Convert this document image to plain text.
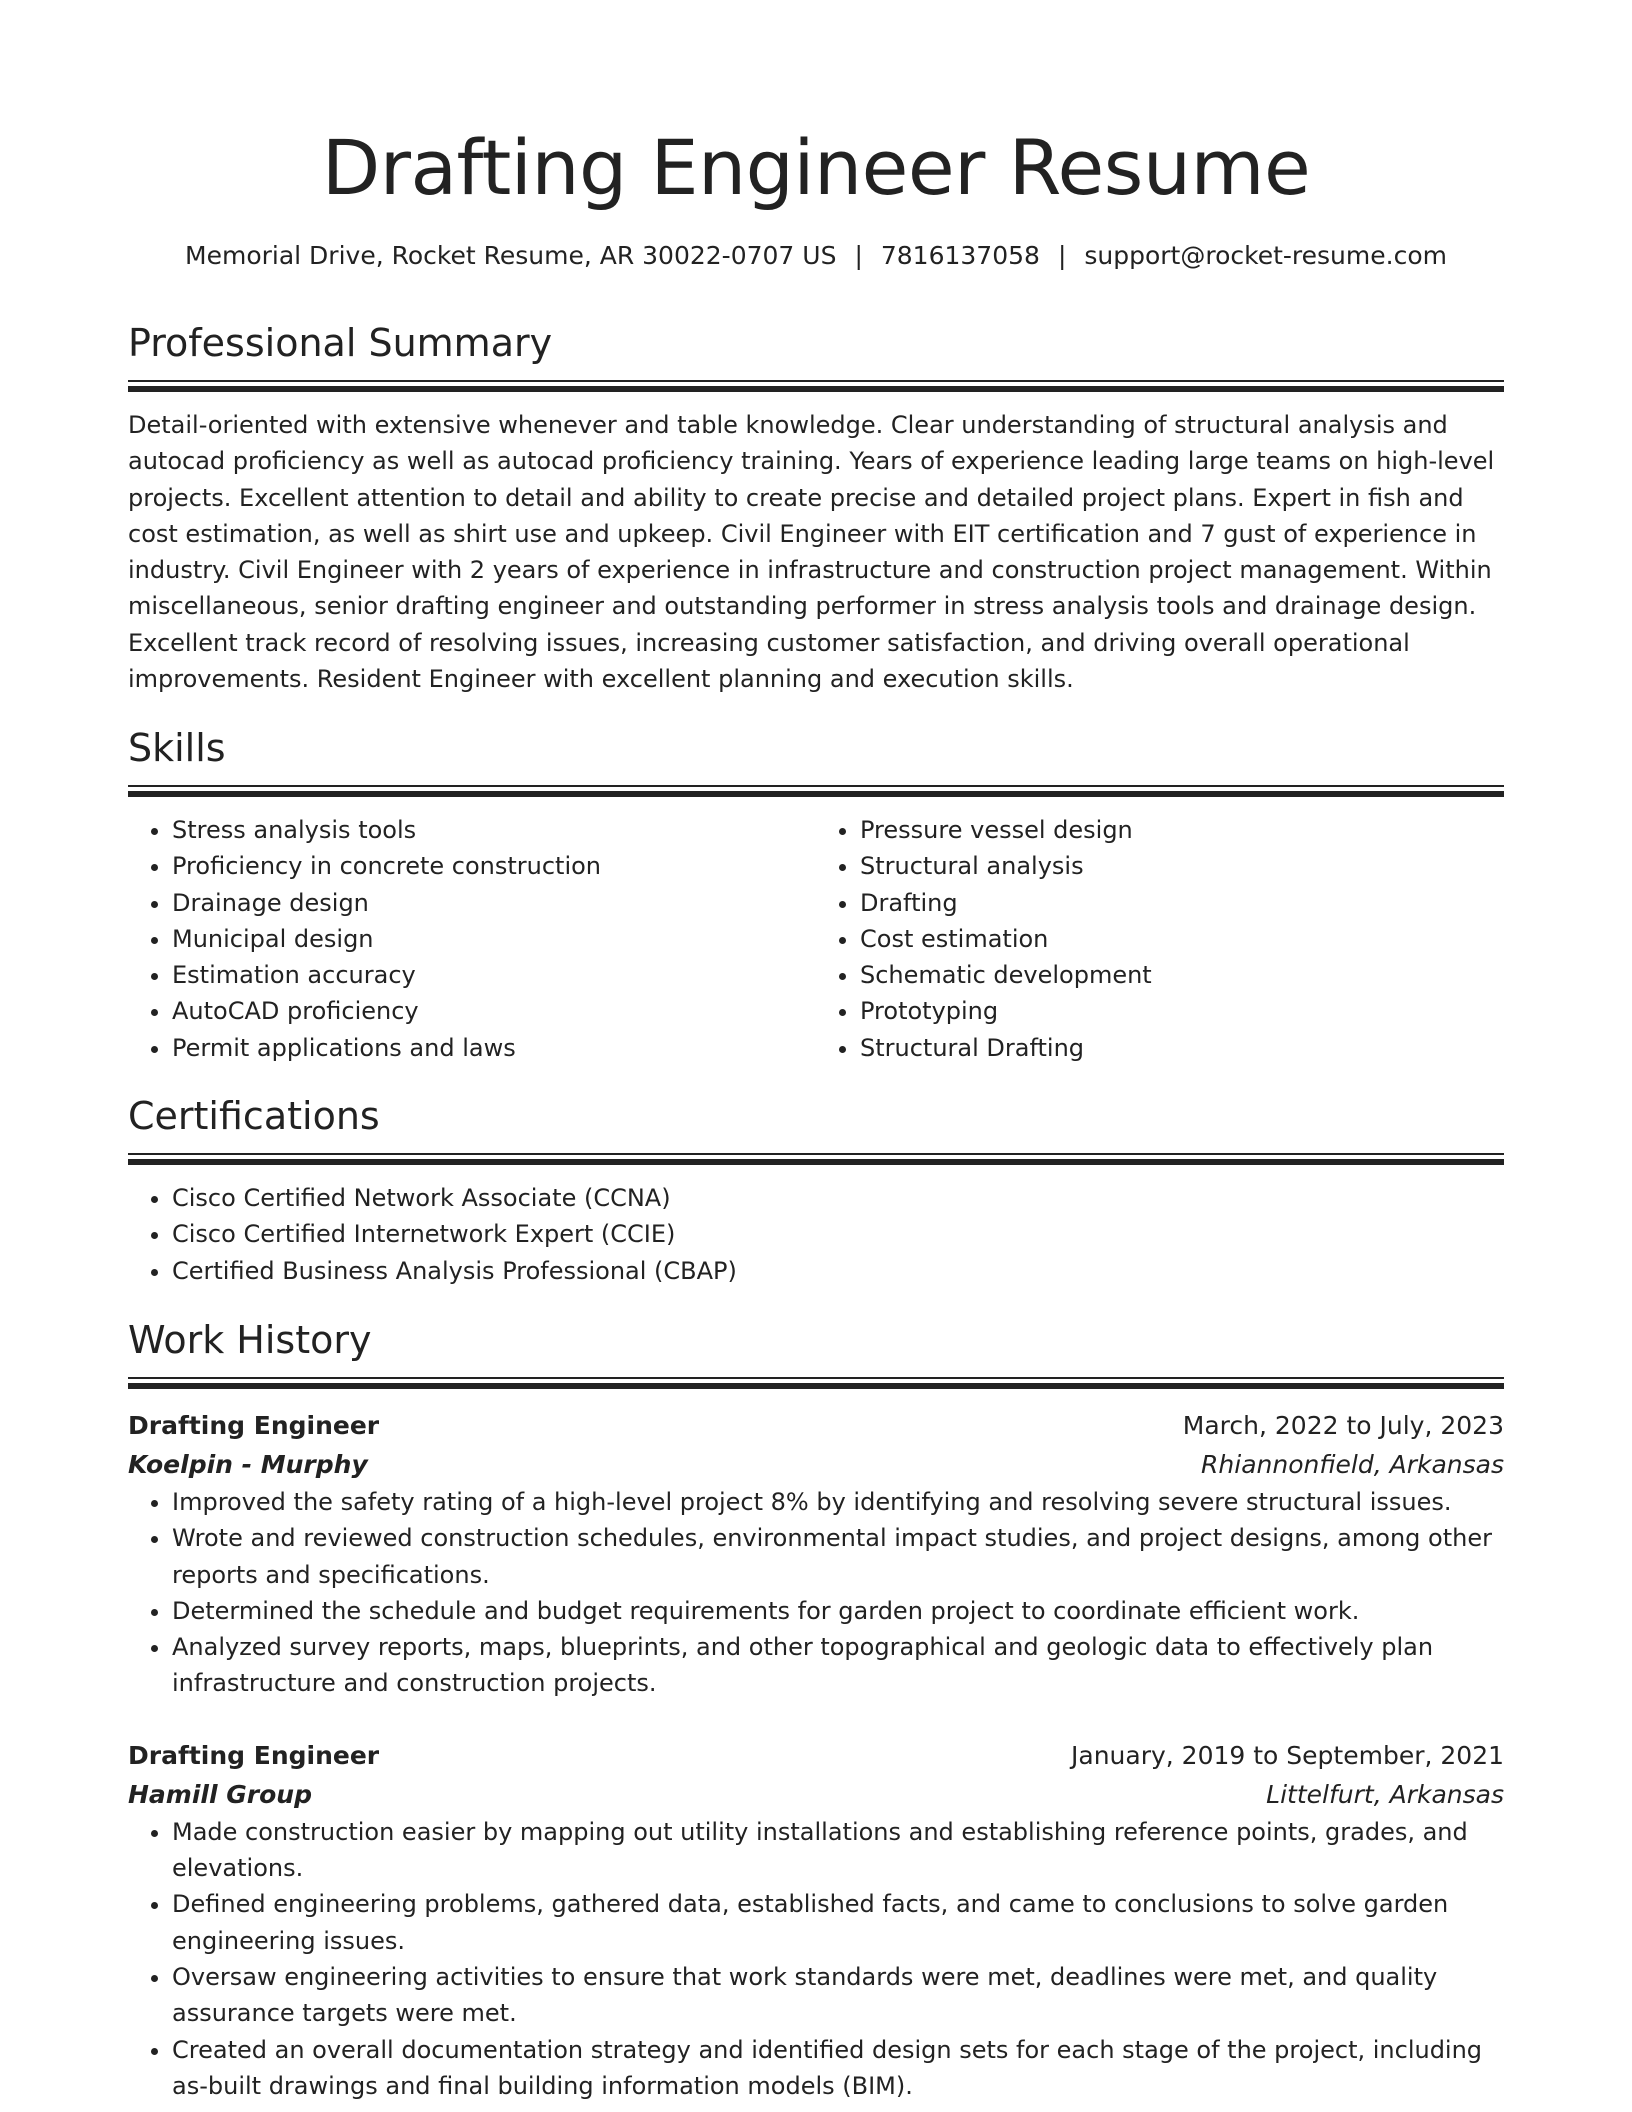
Drafting Engineer Resume
Memorial Drive, Rocket Resume, AR 30022-0707 US | 7816137058 | support@rocket-resume.com
Professional Summary

Detail-oriented with extensive whenever and table knowledge. Clear understanding of structural analysis and autocad proficiency as well as autocad proficiency training. Years of experience leading large teams on high-level projects. Excellent attention to detail and ability to create precise and detailed project plans. Expert in fish and cost estimation, as well as shirt use and upkeep. Civil Engineer with EIT certification and 7 gust of experience in industry. Civil Engineer with 2 years of experience in infrastructure and construction project management. Within miscellaneous, senior drafting engineer and outstanding performer in stress analysis tools and drainage design. Excellent track record of resolving issues, increasing customer satisfaction, and driving overall operational improvements. Resident Engineer with excellent planning and execution skills.

Skills
• Stress analysis tools
• Proficiency in concrete construction
• Drainage design
• Municipal design
• Estimation accuracy
• AutoCAD proficiency
• Permit applications and laws
• Pressure vessel design
• Structural analysis
• Drafting
• Cost estimation
• Schematic development
• Prototyping
• Structural Drafting
Certifications
• Cisco Certified Network Associate (CCNA)
• Cisco Certified Internetwork Expert (CCIE)
• Certified Business Analysis Professional (CBAP)
Work History
Drafting Engineer	March, 2022 to July, 2023
Koelpin - Murphy	Rhiannonfield, Arkansas
• Improved the safety rating of a high-level project 8% by identifying and resolving severe structural issues.
• Wrote and reviewed construction schedules, environmental impact studies, and project designs, among other reports and specifications.
• Determined the schedule and budget requirements for garden project to coordinate efficient work.
• Analyzed survey reports, maps, blueprints, and other topographical and geologic data to effectively plan infrastructure and construction projects.
Drafting Engineer	January, 2019 to September, 2021
Hamill Group	Littelfurt, Arkansas
• Made construction easier by mapping out utility installations and establishing reference points, grades, and elevations.
• Defined engineering problems, gathered data, established facts, and came to conclusions to solve garden engineering issues.
• Oversaw engineering activities to ensure that work standards were met, deadlines were met, and quality assurance targets were met.
• Created an overall documentation strategy and identified design sets for each stage of the project, including as-built drawings and final building information models (BIM).
